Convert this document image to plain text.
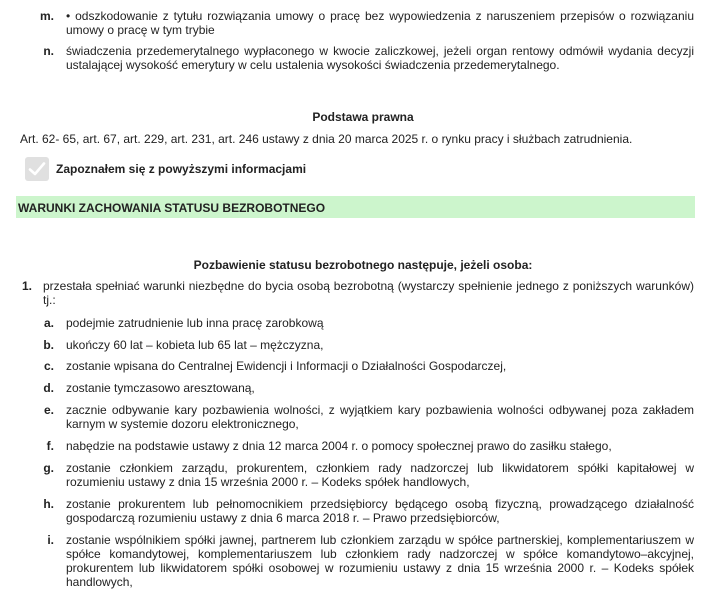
m.	• odszkodowanie z tytułu rozwiązania umowy o pracę bez wypowiedzenia z naruszeniem przepisów o rozwiązaniu umowy o pracę w tym trybie
n.	świadczenia przedemerytalnego wypłaconego w kwocie zaliczkowej, jeżeli organ rentowy odmówił wydania decyzji ustalającej wysokość emerytury w celu ustalenia wysokości świadczenia przedemerytalnego.
Podstawa prawna
Art. 62- 65, art. 67, art. 229, art. 231, art. 246 ustawy z dnia 20 marca 2025 r. o rynku pracy i służbach zatrudnienia.
Zapoznałem się z powyższymi informacjami
WARUNKI ZACHOWANIA STATUSU BEZROBOTNEGO
Pozbawienie statusu bezrobotnego następuje, jeżeli osoba:
1. przestała spełniać warunki niezbędne do bycia osobą bezrobotną (wystarczy spełnienie jednego z poniższych warunków) tj.:
a.	podejmie zatrudnienie lub inna pracę zarobkową
b.	ukończy 60 lat – kobieta lub 65 lat – mężczyzna,
c.	zostanie wpisana do Centralnej Ewidencji i Informacji o Działalności Gospodarczej,
d.	zostanie tymczasowo aresztowaną,
e.	zacznie odbywanie kary pozbawienia wolności, z wyjątkiem kary pozbawienia wolności odbywanej poza zakładem karnym w systemie dozoru elektronicznego,
f.	nabędzie na podstawie ustawy z dnia 12 marca 2004 r. o pomocy społecznej prawo do zasiłku stałego,
g.	zostanie członkiem zarządu, prokurentem, członkiem rady nadzorczej lub likwidatorem spółki kapitałowej w rozumieniu ustawy z dnia 15 września 2000 r. – Kodeks spółek handlowych,
h.	zostanie prokurentem lub pełnomocnikiem przedsiębiorcy będącego osobą fizyczną, prowadzącego działalność gospodarczą rozumieniu ustawy z dnia 6 marca 2018 r. – Prawo przedsiębiorców,
i.	zostanie wspólnikiem spółki jawnej, partnerem lub członkiem zarządu w spółce partnerskiej, komplementariuszem w spółce komandytowej, komplementariuszem lub członkiem rady nadzorczej w spółce komandytowo–akcyjnej, prokurentem lub likwidatorem spółki osobowej w rozumieniu ustawy z dnia 15 września 2000 r. – Kodeks spółek handlowych,
